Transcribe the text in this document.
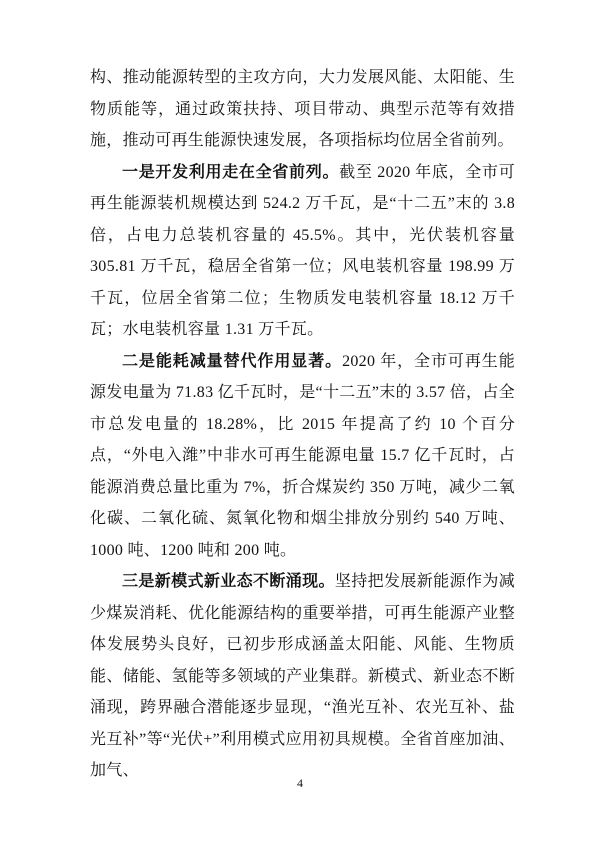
构、推动能源转型的主攻方向，大力发展风能、太阳能、生物质能等，通过政策扶持、项目带动、典型示范等有效措施，推动可再生能源快速发展，各项指标均位居全省前列。

一是开发利用走在全省前列。截至 2020 年底，全市可再生能源装机规模达到 524.2 万千瓦，是“十二五”末的 3.8 倍，占电力总装机容量的 45.5%。其中，光伏装机容量 305.81 万千瓦，稳居全省第一位；风电装机容量 198.99 万千瓦，位居全省第二位；生物质发电装机容量 18.12 万千瓦；水电装机容量 1.31 万千瓦。

二是能耗减量替代作用显著。2020 年，全市可再生能源发电量为 71.83 亿千瓦时，是“十二五”末的 3.57 倍，占全市总发电量的 18.28%，比 2015 年提高了约 10 个百分点，“外电入潍”中非水可再生能源电量 15.7 亿千瓦时，占能源消费总量比重为 7%，折合煤炭约 350 万吨，减少二氧化碳、二氧化硫、氮氧化物和烟尘排放分别约 540 万吨、1000 吨、1200 吨和 200 吨。

三是新模式新业态不断涌现。坚持把发展新能源作为减少煤炭消耗、优化能源结构的重要举措，可再生能源产业整体发展势头良好，已初步形成涵盖太阳能、风能、生物质能、储能、氢能等多领域的产业集群。新模式、新业态不断涌现，跨界融合潜能逐步显现，“渔光互补、农光互补、盐光互补”等“光伏+”利用模式应用初具规模。全省首座加油、加气、

4
